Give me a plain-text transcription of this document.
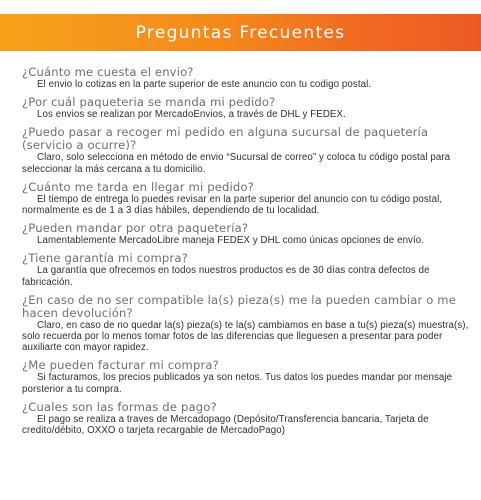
Preguntas Frecuentes
¿Cuánto me cuesta el envio?
El envio lo cotizas en la parte superior de este anuncio con tu codigo postal.
¿Por cuál paqueteria se manda mi pedido?
Los envios se realizan por MercadoEnvios, a través de DHL y FEDEX.
¿Puedo pasar a recoger mi pedido en alguna sucursal de paquetería (servicio a ocurre)?
Claro, solo selecciona en método de envio “Sucursal de correo” y coloca tu código postal para seleccionar la más cercana a tu domicilio.
¿Cuánto me tarda en llegar mi pedido?
El tiempo de entrega lo puedes revisar en la parte superior del anuncio con tu código postal, normalmente es de 1 a 3 días hábiles, dependiendo de tu localidad.
¿Pueden mandar por otra paquetería?
Lamentablemente MercadoLibre maneja FEDEX y DHL como únicas opciones de envío.
¿Tiene garantía mi compra?
La garantía que ofrecemos en todos nuestros productos es de 30 días contra defectos de fabricación.
¿En caso de no ser compatible la(s) pieza(s) me la pueden cambiar o me hacen devolución?
Claro, en caso de no quedar la(s) pieza(s) te la(s) cambiamos en base a tu(s) pieza(s) muestra(s), solo recuerda por lo menos tomar fotos de las diferencias que lleguesen a presentar para poder auxiliarte con mayor rapidez.
¿Me pueden facturar mi compra?
Si facturamos, los precios publicados ya son netos. Tus datos los puedes mandar por mensaje porsterior a tu compra.
¿Cuales son las formas de pago?
El pago se realiza a traves de Mercadopago (Depósito/Transferencia bancaria, Tarjeta de credito/débito, OXXO o tarjeta recargable de MercadoPago)
